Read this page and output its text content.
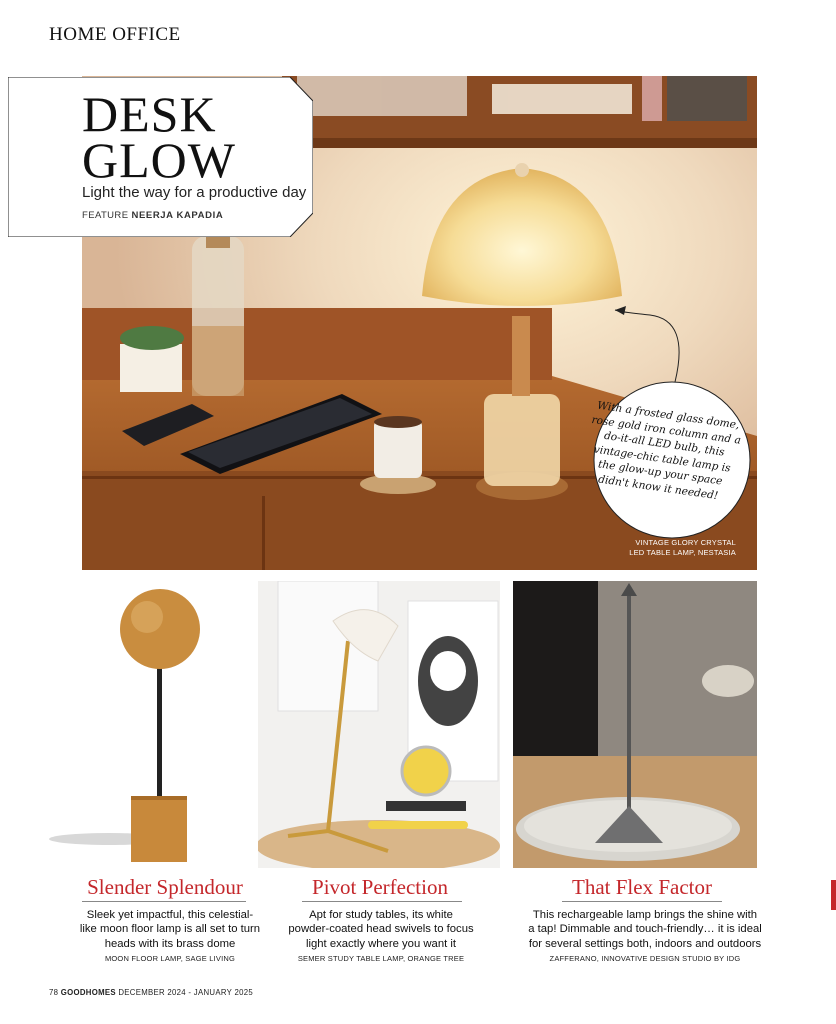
HOME OFFICE
DESK
GLOW
Light the way for a productive day
FEATURE NEERJA KAPADIA
With a frosted glass dome, rose gold iron column and a do-it-all LED bulb, this vintage-chic table lamp is the glow-up your space didn't know it needed!
VINTAGE GLORY CRYSTAL
LED TABLE LAMP, NESTASIA
Slender Splendour	Pivot Perfection	That Flex Factor
Sleek yet impactful, this celestial-
like moon floor lamp is all set to turn
heads with its brass dome
Apt for study tables, its white
powder-coated head swivels to focus
light exactly where you want it
This rechargeable lamp brings the shine with
a tap! Dimmable and touch-friendly… it is ideal
for several settings both, indoors and outdoors
MOON FLOOR LAMP, SAGE LIVING	SEMER STUDY TABLE LAMP, ORANGE TREE	ZAFFERANO, INNOVATIVE DESIGN STUDIO BY IDG
78 GOODHOMES DECEMBER 2024 - JANUARY 2025
